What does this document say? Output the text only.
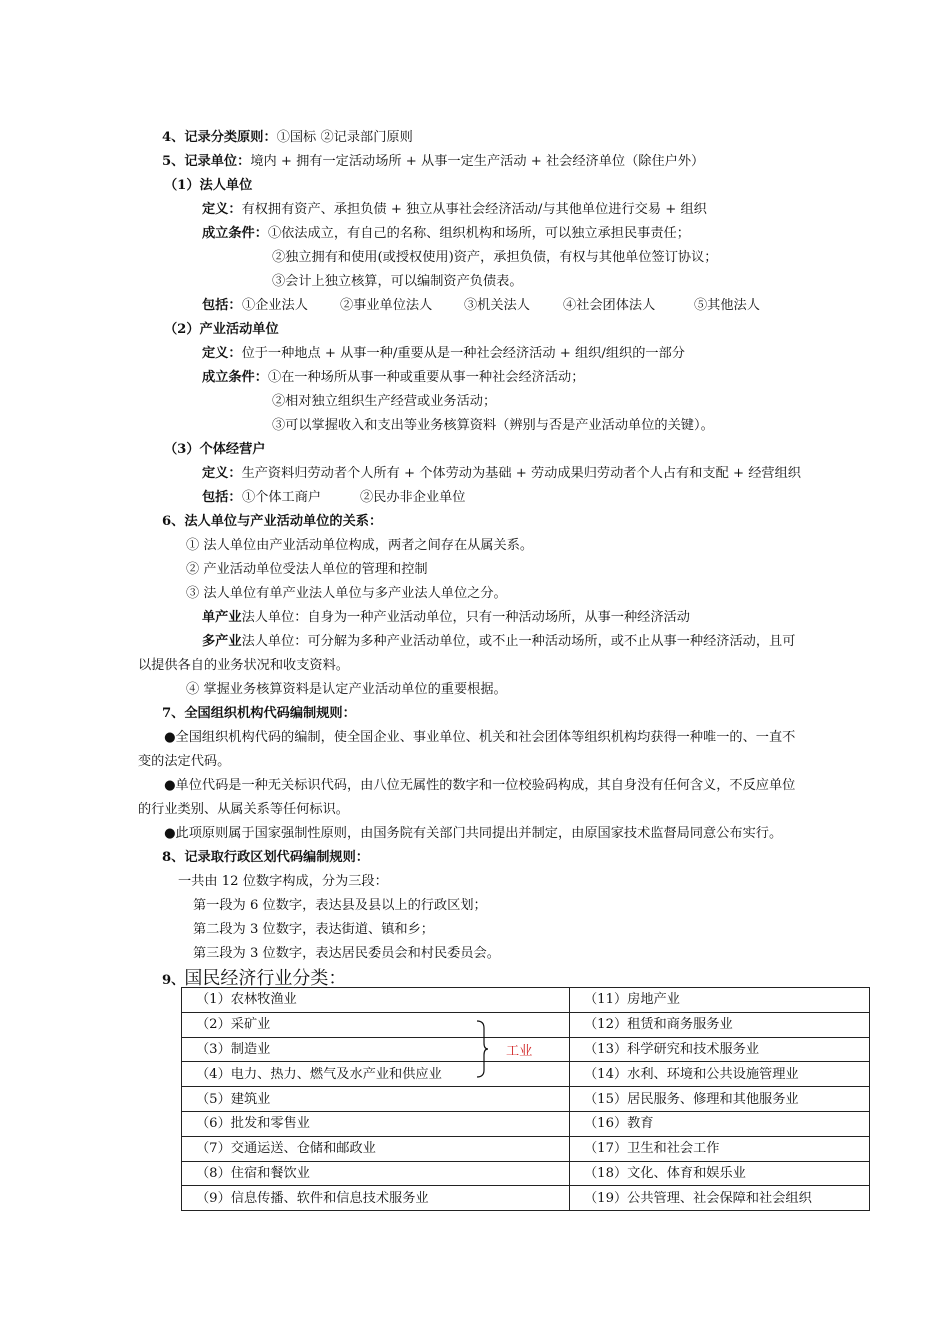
4、记录分类原则：①国标 ②记录部门原则
5、记录单位：境内 + 拥有一定活动场所 + 从事一定生产活动 + 社会经济单位（除住户外）
（1）法人单位
定义：有权拥有资产、承担负债 + 独立从事社会经济活动/与其他单位进行交易 + 组织
成立条件：①依法成立，有自己的名称、组织机构和场所，可以独立承担民事责任；
②独立拥有和使用(或授权使用)资产，承担负债，有权与其他单位签订协议；
③会计上独立核算，可以编制资产负债表。
包括： ①企业法人 ②事业单位法人 ③机关法人	④社会团体法人	⑤其他法人
（2）产业活动单位
定义：位于一种地点 + 从事一种/重要从是一种社会经济活动 + 组织/组织的一部分
成立条件：①在一种场所从事一种或重要从事一种社会经济活动；
②相对独立组织生产经营或业务活动；
③可以掌握收入和支出等业务核算资料（辨别与否是产业活动单位的关键）。
（3）个体经营户
定义：生产资料归劳动者个人所有 + 个体劳动为基础 + 劳动成果归劳动者个人占有和支配 + 经营组织
包括： ①个体工商户	②民办非企业单位
6、法人单位与产业活动单位的关系：
① 法人单位由产业活动单位构成，两者之间存在从属关系。
② 产业活动单位受法人单位的管理和控制
③ 法人单位有单产业法人单位与多产业法人单位之分。
单产业法人单位：自身为一种产业活动单位，只有一种活动场所，从事一种经济活动
多产业法人单位：可分解为多种产业活动单位，或不止一种活动场所，或不止从事一种经济活动，且可
以提供各自的业务状况和收支资料。
④ 掌握业务核算资料是认定产业活动单位的重要根据。
7、全国组织机构代码编制规则：
●全国组织机构代码的编制，使全国企业、事业单位、机关和社会团体等组织机构均获得一种唯一的、一直不
变的法定代码。
●单位代码是一种无关标识代码，由八位无属性的数字和一位校验码构成，其自身没有任何含义，不反应单位
的行业类别、从属关系等任何标识。
●此项原则属于国家强制性原则，由国务院有关部门共同提出并制定，由原国家技术监督局同意公布实行。
8、记录取行政区划代码编制规则：
一共由 12 位数字构成，分为三段：
第一段为 6 位数字，表达县及县以上的行政区划；
第二段为 3 位数字，表达街道、镇和乡；
第三段为 3 位数字，表达居民委员会和村民委员会。
9、国民经济行业分类：
（1）农林牧渔业	（11）房地产业
（2）采矿业	（12）租赁和商务服务业
（3）制造业	（13）科学研究和技术服务业
（4）电力、热力、燃气及水产业和供应业	（14）水利、环境和公共设施管理业
（5）建筑业	（15）居民服务、修理和其他服务业
（6）批发和零售业	（16）教育
（7）交通运送、仓储和邮政业	（17）卫生和社会工作
（8）住宿和餐饮业	（18）文化、体育和娱乐业
（9）信息传播、软件和信息技术服务业	（19）公共管理、社会保障和社会组织
工业
